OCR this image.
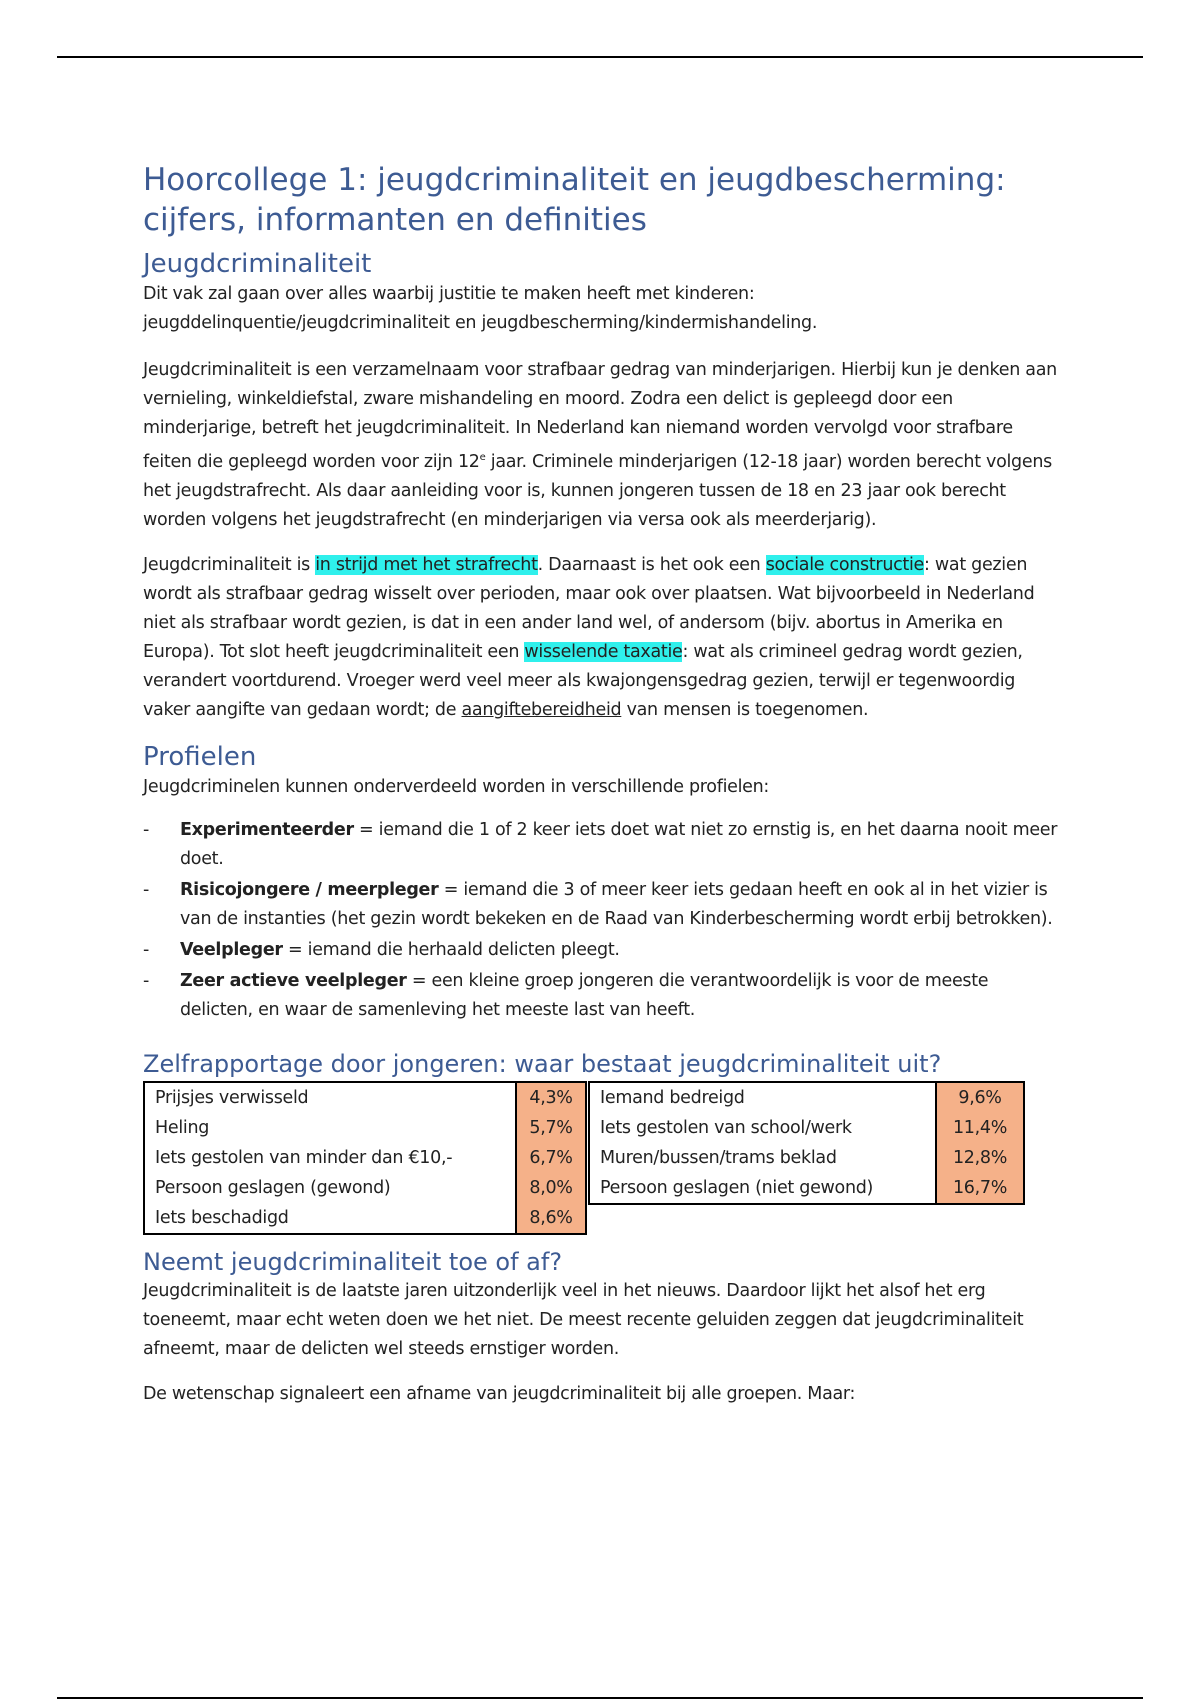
Hoorcollege 1: jeugdcriminaliteit en jeugdbescherming: cijfers, informanten en definities
Jeugdcriminaliteit

Dit vak zal gaan over alles waarbij justitie te maken heeft met kinderen: jeugddelinquentie/jeugdcriminaliteit en jeugdbescherming/kindermishandeling.

Jeugdcriminaliteit is een verzamelnaam voor strafbaar gedrag van minderjarigen. Hierbij kun je denken aan vernieling, winkeldiefstal, zware mishandeling en moord. Zodra een delict is gepleegd door een minderjarige, betreft het jeugdcriminaliteit. In Nederland kan niemand worden vervolgd voor strafbare feiten die gepleegd worden voor zijn 12e jaar. Criminele minderjarigen (12-18 jaar) worden berecht volgens het jeugdstrafrecht. Als daar aanleiding voor is, kunnen jongeren tussen de 18 en 23 jaar ook berecht worden volgens het jeugdstrafrecht (en minderjarigen via versa ook als meerderjarig).

Jeugdcriminaliteit is in strijd met het strafrecht. Daarnaast is het ook een sociale constructie: wat gezien wordt als strafbaar gedrag wisselt over perioden, maar ook over plaatsen. Wat bijvoorbeeld in Nederland niet als strafbaar wordt gezien, is dat in een ander land wel, of andersom (bijv. abortus in Amerika en Europa). Tot slot heeft jeugdcriminaliteit een wisselende taxatie: wat als crimineel gedrag wordt gezien, verandert voortdurend. Vroeger werd veel meer als kwajongensgedrag gezien, terwijl er tegenwoordig vaker aangifte van gedaan wordt; de aangiftebereidheid van mensen is toegenomen.

Profielen

Jeugdcriminelen kunnen onderverdeeld worden in verschillende profielen:

- Experimenteerder = iemand die 1 of 2 keer iets doet wat niet zo ernstig is, en het daarna nooit meer doet.
- Risicojongere / meerpleger = iemand die 3 of meer keer iets gedaan heeft en ook al in het vizier is van de instanties (het gezin wordt bekeken en de Raad van Kinderbescherming wordt erbij betrokken).
- Veelpleger = iemand die herhaald delicten pleegt.
- Zeer actieve veelpleger = een kleine groep jongeren die verantwoordelijk is voor de meeste delicten, en waar de samenleving het meeste last van heeft.
Zelfrapportage door jongeren: waar bestaat jeugdcriminaliteit uit?
Prijsjes verwisseld	4,3%
Heling	5,7%
Iets gestolen van minder dan €10,-	6,7%
Persoon geslagen (gewond)	8,0%
Iets beschadigd	8,6%
Iemand bedreigd	9,6%
Iets gestolen van school/werk	11,4%
Muren/bussen/trams beklad	12,8%
Persoon geslagen (niet gewond)	16,7%
Neemt jeugdcriminaliteit toe of af?

Jeugdcriminaliteit is de laatste jaren uitzonderlijk veel in het nieuws. Daardoor lijkt het alsof het erg toeneemt, maar echt weten doen we het niet. De meest recente geluiden zeggen dat jeugdcriminaliteit afneemt, maar de delicten wel steeds ernstiger worden.

De wetenschap signaleert een afname van jeugdcriminaliteit bij alle groepen. Maar:
